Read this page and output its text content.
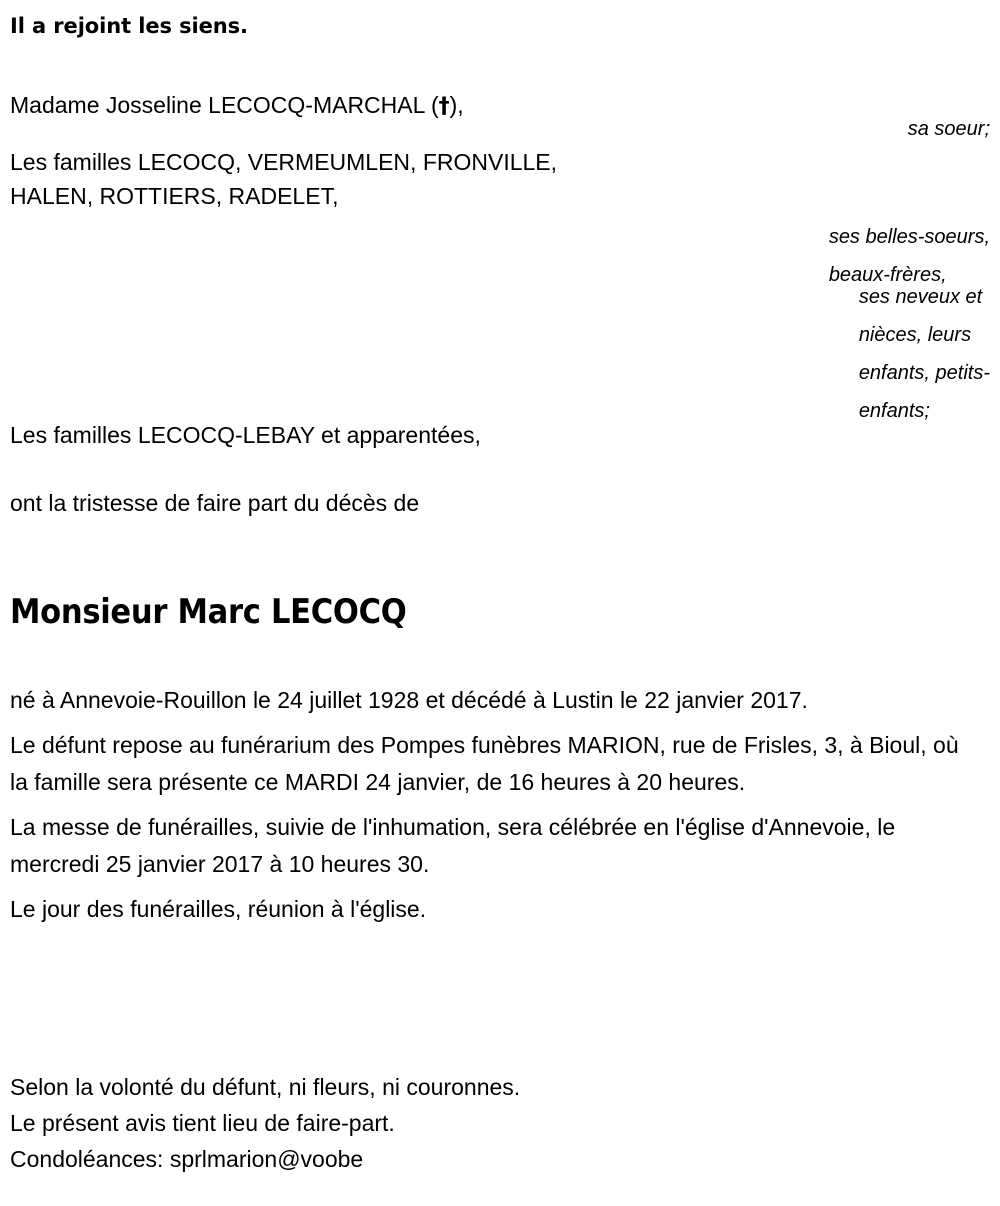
Il a rejoint les siens.
Madame Josseline LECOCQ-MARCHAL (†),
Les familles LECOCQ, VERMEUMLEN, FRONVILLE,
HALEN, ROTTIERS, RADELET,
Les familles LECOCQ-LEBAY et apparentées,
ont la tristesse de faire part du décès de
sa soeur;
ses belles-soeurs,
beaux-frères,
ses neveux et
nièces, leurs
enfants, petits-
enfants;
Monsieur Marc LECOCQ

né à Annevoie-Rouillon le 24 juillet 1928 et décédé à Lustin le 22 janvier 2017.

Le défunt repose au funérarium des Pompes funèbres MARION, rue de Frisles, 3, à Bioul, où la famille sera présente ce MARDI 24 janvier, de 16 heures à 20 heures.

La messe de funérailles, suivie de l'inhumation, sera célébrée en l'église d'Annevoie, le mercredi 25 janvier 2017 à 10 heures 30.

Le jour des funérailles, réunion à l'église.

Selon la volonté du défunt, ni fleurs, ni couronnes.
Le présent avis tient lieu de faire-part.
Condoléances: sprlmarion@voobe
